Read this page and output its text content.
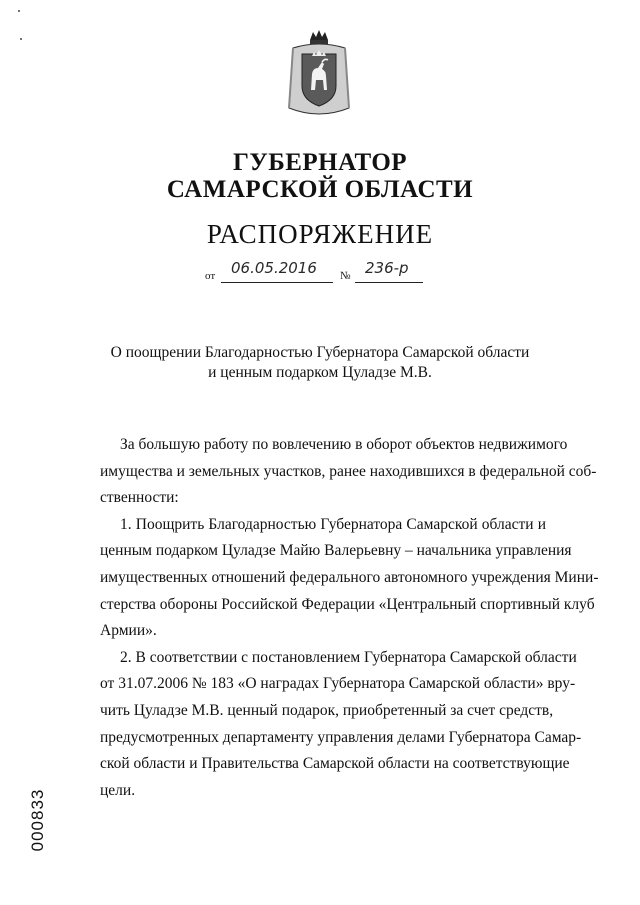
ГУБЕРНАТОР
САМАРСКОЙ ОБЛАСТИ
РАСПОРЯЖЕНИЕ
от 06.05.2016 № 236-р
О поощрении Благодарностью Губернатора Самарской области
и ценным подарком Цуладзе М.В.

За большую работу по вовлечению в оборот объектов недвижимого
имущества и земельных участков, ранее находившихся в федеральной соб-
ственности:

1. Поощрить Благодарностью Губернатора Самарской области и
ценным подарком Цуладзе Майю Валерьевну – начальника управления
имущественных отношений федерального автономного учреждения Мини-
стерства обороны Российской Федерации «Центральный спортивный клуб
Армии».

2. В соответствии с постановлением Губернатора Самарской области
от 31.07.2006 № 183 «О наградах Губернатора Самарской области» вру-
чить Цуладзе М.В. ценный подарок, приобретенный за счет средств,
предусмотренных департаменту управления делами Губернатора Самар-
ской области и Правительства Самарской области на соответствующие
цели.

000833
